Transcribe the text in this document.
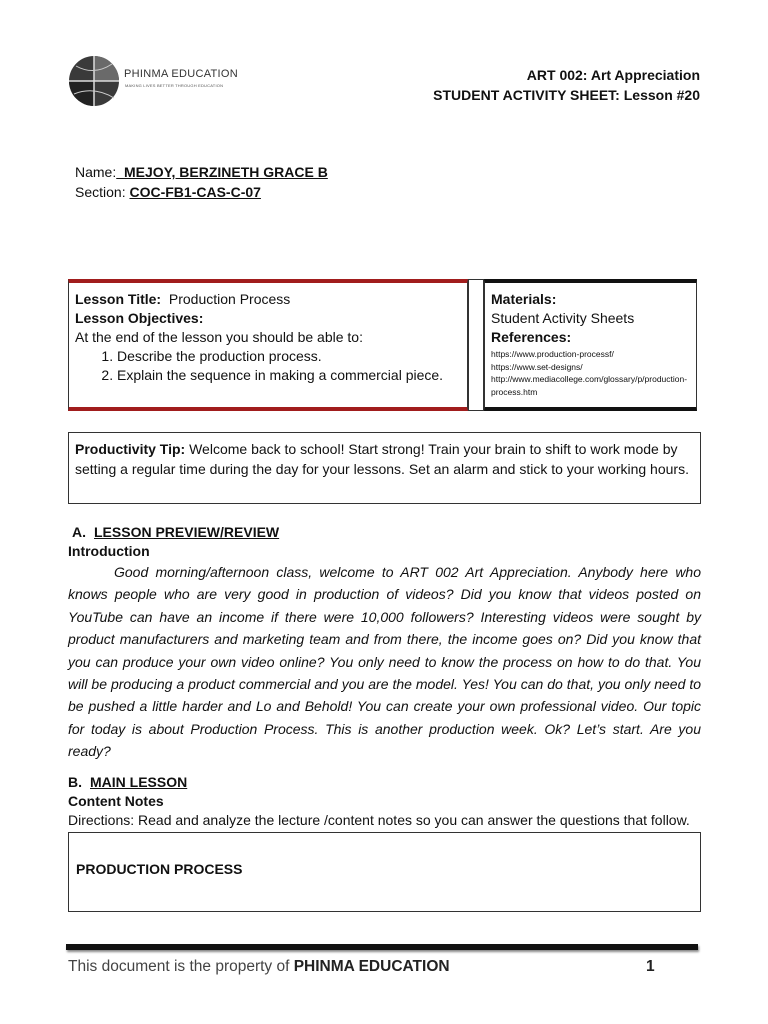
PHINMA EDUCATION
MAKING LIVES BETTER THROUGH EDUCATION
ART 002: Art Appreciation
STUDENT ACTIVITY SHEET: Lesson #20
Name:  MEJOY, BERZINETH GRACE B
Section: COC-FB1-CAS-C-07
Lesson Title: Production Process
Lesson Objectives:
At the end of the lesson you should be able to:
1. Describe the production process.
2. Explain the sequence in making a commercial piece.
Materials:
Student Activity Sheets
References:
https://www.production-processf/
https://www.set-designs/
http://www.mediacollege.com/glossary/p/production-process.htm
Productivity Tip: Welcome back to school! Start strong! Train your brain to shift to work mode by setting a regular time during the day for your lessons. Set an alarm and stick to your working hours.
A. LESSON PREVIEW/REVIEW
Introduction
Good morning/afternoon class, welcome to ART 002 Art Appreciation. Anybody here who knows people who are very good in production of videos? Did you know that videos posted on YouTube can have an income if there were 10,000 followers? Interesting videos were sought by product manufacturers and marketing team and from there, the income goes on? Did you know that you can produce your own video online? You only need to know the process on how to do that. You will be producing a product commercial and you are the model. Yes! You can do that, you only need to be pushed a little harder and Lo and Behold! You can create your own professional video. Our topic for today is about Production Process. This is another production week. Ok? Let’s start. Are you ready?
B. MAIN LESSON
Content Notes
Directions: Read and analyze the lecture /content notes so you can answer the questions that follow.
PRODUCTION PROCESS
This document is the property of PHINMA EDUCATION	1
